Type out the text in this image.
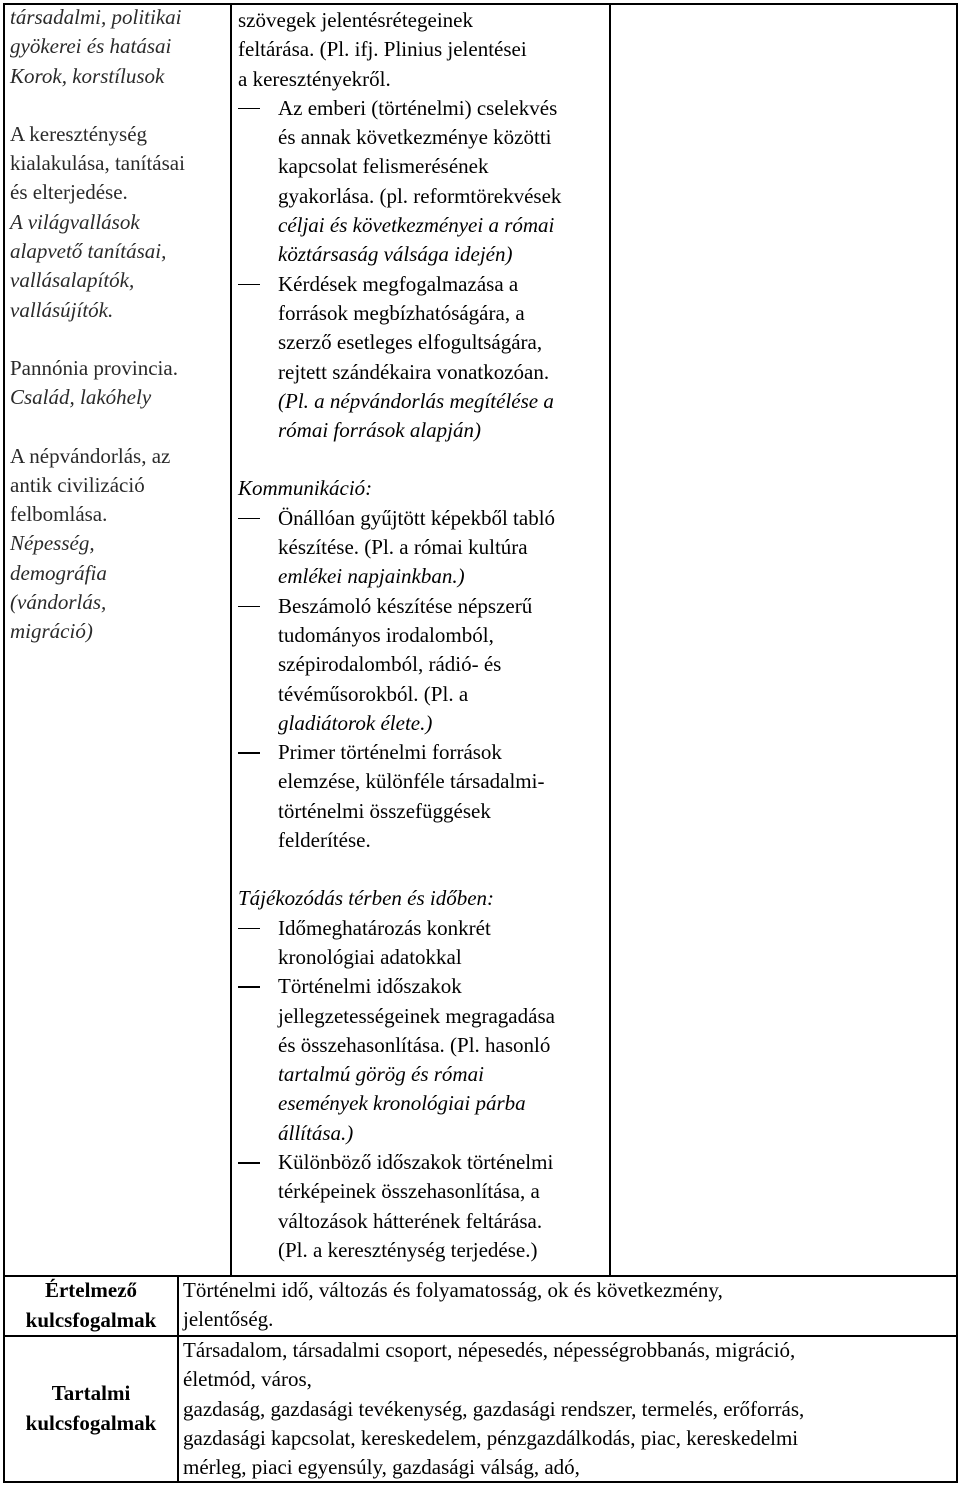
társadalmi, politikai
gyökerei és hatásai
Korok, korstílusok
A kereszténység
kialakulása, tanításai
és elterjedése.
A világvallások
alapvető tanításai,
vallásalapítók,
vallásújítók.
Pannónia provincia.
Család, lakóhely
A népvándorlás, az
antik civilizáció
felbomlása.
Népesség,
demográfia
(vándorlás,
migráció)
szövegek jelentésrétegeinek
feltárása. (Pl. ifj. Plinius jelentései
a keresztényekről.
Az emberi (történelmi) cselekvés
és annak következménye közötti
kapcsolat felismerésének
gyakorlása. (pl. reformtörekvések
céljai és következményei a római
köztársaság válsága idején)
Kérdések megfogalmazása a
források megbízhatóságára, a
szerző esetleges elfogultságára,
rejtett szándékaira vonatkozóan.
(Pl. a népvándorlás megítélése a
római források alapján)
Kommunikáció:
Önállóan gyűjtött képekből tabló
készítése. (Pl. a római kultúra
emlékei napjainkban.)
Beszámoló készítése népszerű
tudományos irodalomból,
szépirodalomból, rádió- és
tévéműsorokból. (Pl. a
gladiátorok élete.)
Primer történelmi források
elemzése, különféle társadalmi-
történelmi összefüggések
felderítése.
Tájékozódás térben és időben:
Időmeghatározás konkrét
kronológiai adatokkal
Történelmi időszakok
jellegzetességeinek megragadása
és összehasonlítása. (Pl. hasonló
tartalmú görög és római
események kronológiai párba
állítása.)
Különböző időszakok történelmi
térképeinek összehasonlítása, a
változások hátterének feltárása.
(Pl. a kereszténység terjedése.)
Értelmező
kulcsfogalmak
Történelmi idő, változás és folyamatosság, ok és következmény,
jelentőség.
Tartalmi
kulcsfogalmak
Társadalom, társadalmi csoport, népesedés, népességrobbanás, migráció,
életmód, város,
gazdaság, gazdasági tevékenység, gazdasági rendszer, termelés, erőforrás,
gazdasági kapcsolat, kereskedelem, pénzgazdálkodás, piac, kereskedelmi
mérleg, piaci egyensúly, gazdasági válság, adó,
